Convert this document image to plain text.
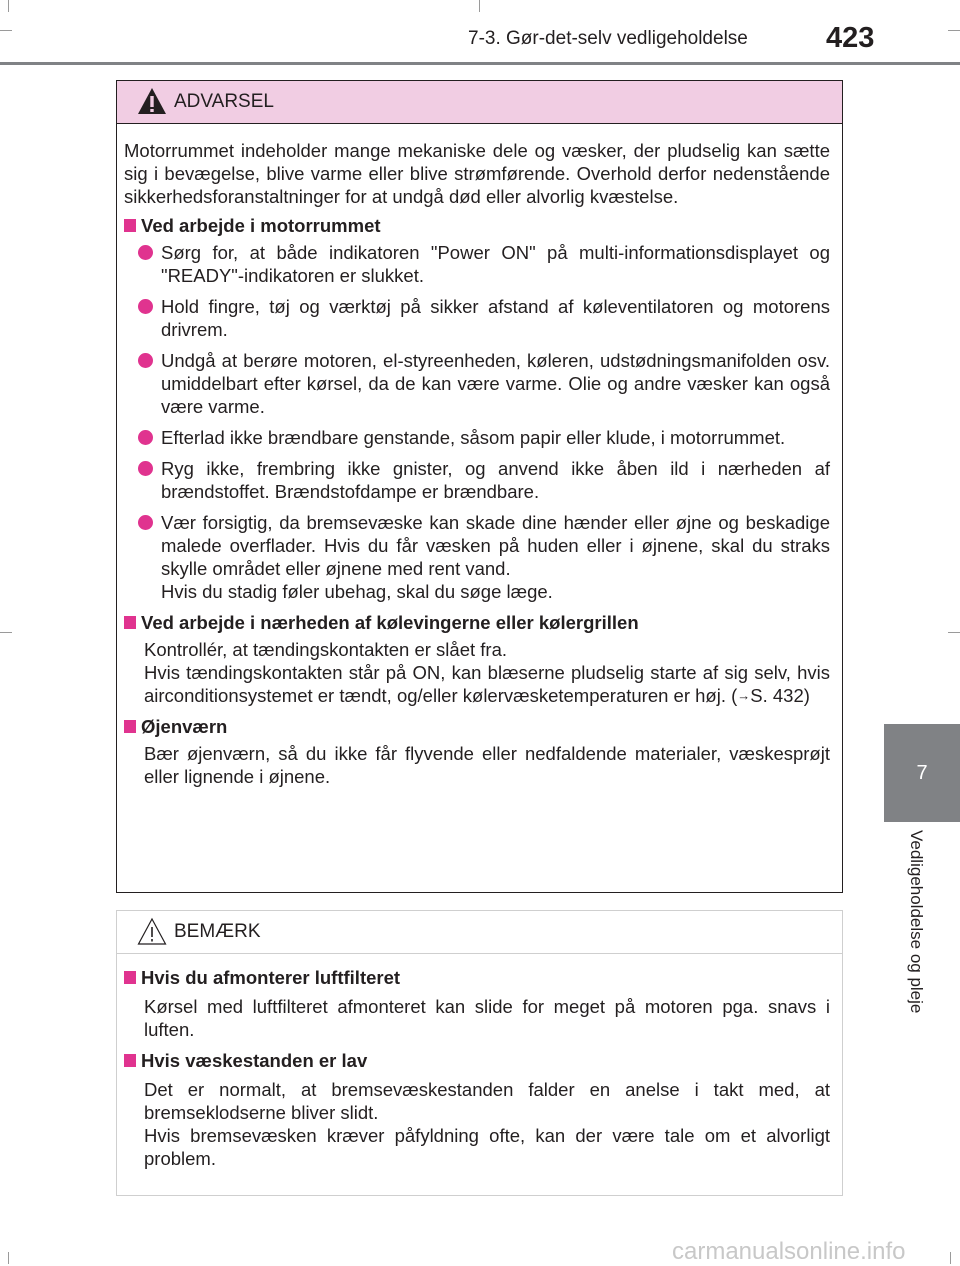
7-3. Gør-det-selv vedligeholdelse	423
7
Vedligeholdelse og pleje
ADVARSEL

Motorrummet indeholder mange mekaniske dele og væsker, der pludselig kan sætte sig i bevægelse, blive varme eller blive strømførende. Overhold derfor nedenstående sikkerhedsforanstaltninger for at undgå død eller alvorlig kvæstelse.

Ved arbejde i motorrummet

Sørg for, at både indikatoren "Power ON" på multi-informationsdisplayet og "READY"-indikatoren er slukket.

Hold fingre, tøj og værktøj på sikker afstand af køleventilatoren og motorens drivrem.

Undgå at berøre motoren, el-styreenheden, køleren, udstødningsmanifolden osv. umiddelbart efter kørsel, da de kan være varme. Olie og andre væsker kan også være varme.

Efterlad ikke brændbare genstande, såsom papir eller klude, i motorrummet.

Ryg ikke, frembring ikke gnister, og anvend ikke åben ild i nærheden af brændstoffet. Brændstofdampe er brændbare.

Vær forsigtig, da bremsevæske kan skade dine hænder eller øjne og beskadige malede overflader. Hvis du får væsken på huden eller i øjnene, skal du straks skylle området eller øjnene med rent vand.
Hvis du stadig føler ubehag, skal du søge læge.

Ved arbejde i nærheden af kølevingerne eller kølergrillen

Kontrollér, at tændingskontakten er slået fra.

Hvis tændingskontakten står på ON, kan blæserne pludselig starte af sig selv, hvis airconditionsystemet er tændt, og/eller kølervæsketemperaturen er høj. (→S. 432)

Øjenværn

Bær øjenværn, så du ikke får flyvende eller nedfaldende materialer, væskesprøjt eller lignende i øjnene.

BEMÆRK

Hvis du afmonterer luftfilteret

Kørsel med luftfilteret afmonteret kan slide for meget på motoren pga. snavs i luften.

Hvis væskestanden er lav

Det er normalt, at bremsevæskestanden falder en anelse i takt med, at bremseklodserne bliver slidt.
Hvis bremsevæsken kræver påfyldning ofte, kan der være tale om et alvorligt problem.

carmanualsonline.info
